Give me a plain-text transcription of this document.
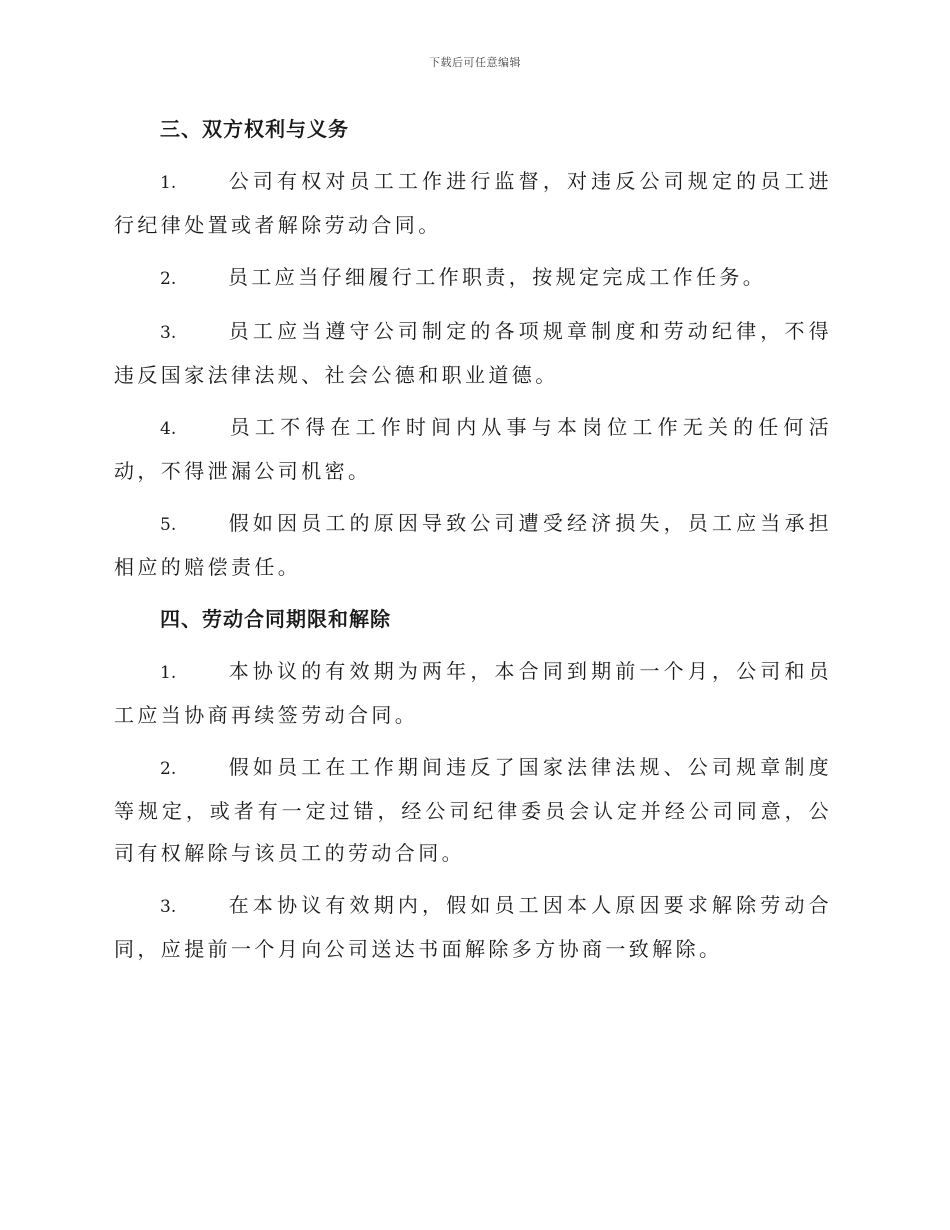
下载后可任意编辑
三、双方权利与义务

1.	公司有权对员工工作进行监督，对违反公司规定的员工进行纪律处置或者解除劳动合同。

2.	员工应当仔细履行工作职责，按规定完成工作任务。

3.	员工应当遵守公司制定的各项规章制度和劳动纪律，不得违反国家法律法规、社会公德和职业道德。

4.	员工不得在工作时间内从事与本岗位工作无关的任何活动，不得泄漏公司机密。

5.	假如因员工的原因导致公司遭受经济损失，员工应当承担相应的赔偿责任。

四、劳动合同期限和解除

1.	本协议的有效期为两年，本合同到期前一个月，公司和员工应当协商再续签劳动合同。

2.	假如员工在工作期间违反了国家法律法规、公司规章制度等规定，或者有一定过错，经公司纪律委员会认定并经公司同意，公司有权解除与该员工的劳动合同。

3.	在本协议有效期内，假如员工因本人原因要求解除劳动合同，应提前一个月向公司送达书面解除多方协商一致解除。
